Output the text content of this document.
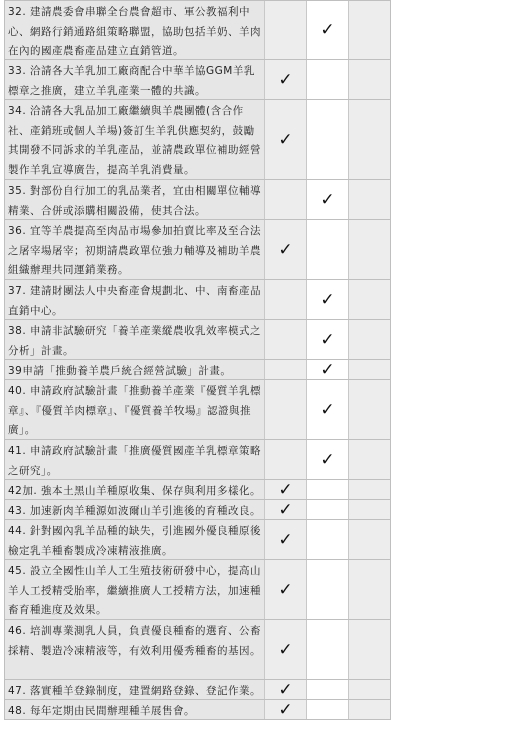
32. 建請農委會串聯全台農會超市、軍公教福利中心、網路行銷通路組策略聯盟，協助包括羊奶、羊肉在內的國產農畜產品建立直銷管道。
✓
33. 洽請各大羊乳加工廠商配合中華羊協GGM羊乳標章之推廣，建立羊乳產業一體的共識。
✓
34. 洽請各大乳品加工廠繼續與羊農團體(含合作社、產銷班或個人羊場)簽訂生羊乳供應契約，鼓勵其開發不同訴求的羊乳產品，並請農政單位補助經營製作羊乳宣導廣告，提高羊乳消費量。
✓
35. 對部份自行加工的乳品業者，宜由相關單位輔導精業、合併或添購相關設備，使其合法。
✓
36. 宜等羊農提高至肉品市場參加拍賣比率及至合法之屠宰場屠宰；初期請農政單位強力輔導及補助羊農組織辦理共同運銷業務。
✓
37. 建請財團法人中央畜產會規劃北、中、南畜產品直銷中心。
✓
38. 申請非試驗研究「養羊產業縱農收乳效率模式之分析」計畫。
✓
39申請「推動養羊農戶統合經營試驗」計畫。	✓
40. 申請政府試驗計畫「推動養羊產業『優質羊乳標章』、『優質羊肉標章』、『優質養羊牧場』認證與推廣」。
✓
41. 申請政府試驗計畫「推廣優質國產羊乳標章策略之研究」。
✓
42加. 強本土黑山羊種原收集、保存與利用多樣化。 ✓
43. 加速新肉羊種源如波爾山羊引進後的育種改良。 ✓
44. 針對國內乳羊品種的缺失，引進國外優良種原後檢定乳羊種畜製成冷凍精液推廣。
✓
45. 設立全國性山羊人工生殖技術研發中心，提高山羊人工授精受胎率，繼續推廣人工授精方法，加速種畜育種進度及效果。
✓
46. 培訓專業測乳人員，負責優良種畜的選育、公畜採精、製造冷凍精液等，有效利用優秀種畜的基因。 ✓
47. 落實種羊登錄制度，建置網路登錄、登記作業。 ✓
48. 每年定期由民間辦理種羊展售會。	✓
